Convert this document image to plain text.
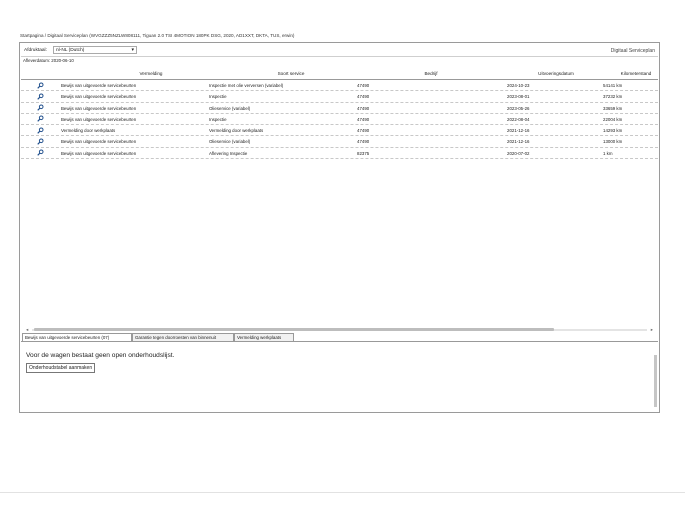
Startpagina / Digitaal Serviceplan (WVGZZZ5NZLW808111, Tiguan 2.0 TSI 4MOTION 180PK DSG, 2020, AD1XXT, DKTA, TUS, erwin)
Afdruktaal:	nl-NL (Dutch)	▾	Digitaal Serviceplan
Afleverdatum: 2020-06-10
Vermelding	Soort service	Bedrijf	Uitvoeringsdatum	Kilometerstand
Bewijs van uitgevoerde servicebeurten	Inspectie met olie verversen (variabel)	47490	2024-10-23	54141 km
Bewijs van uitgevoerde servicebeurten	Inspectie	47490	2023-08-01	37232 km
Bewijs van uitgevoerde servicebeurten	Olieservice (variabel)	47490	2023-05-26	33659 km
Bewijs van uitgevoerde servicebeurten	Inspectie	47490	2022-08-04	22004 km
Vermelding door werkplaats	Vermelding door werkplaats	47490	2021-12-16	14293 km
Bewijs van uitgevoerde servicebeurten	Olieservice (variabel)	47490	2021-12-16	13000 km
Bewijs van uitgevoerde servicebeurten	Aflevering Inspectie	82375	2020-07-02	1 km
◂	▸
Bewijs van uitgevoerde servicebeurten (07)	Garantie tegen doorroesten van binnenuit	Vermelding werkplaats
Voor de wagen bestaat geen open onderhoudslijst.
Onderhoudstabel aanmaken
